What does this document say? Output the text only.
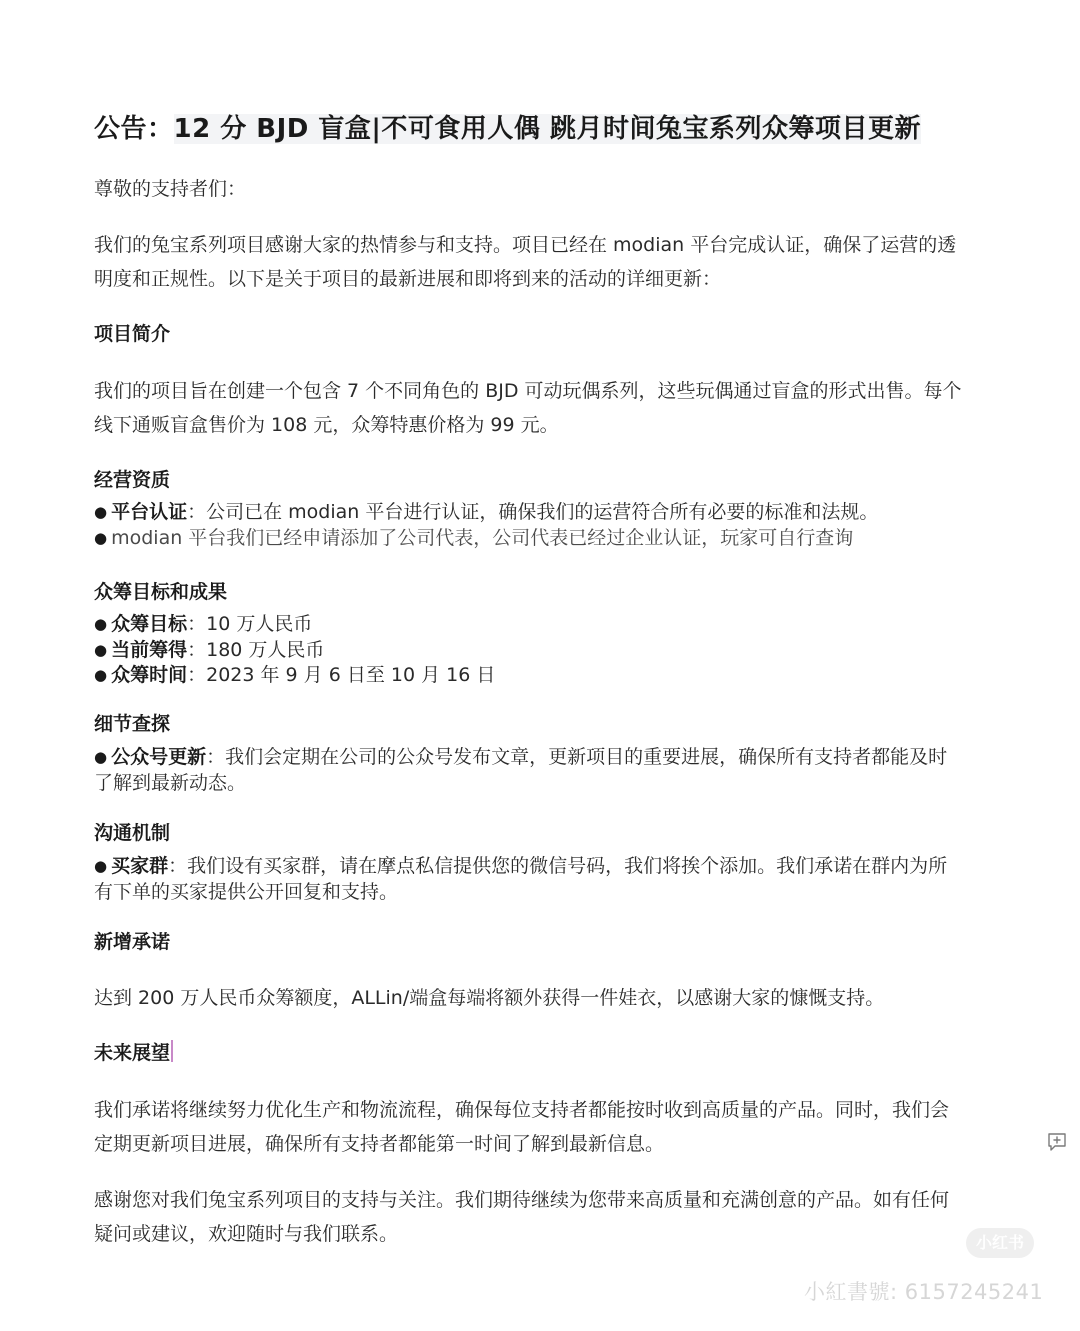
公告：12 分 BJD 盲盒|不可食用人偶 跳月时间兔宝系列众筹项目更新
尊敬的支持者们：
我们的兔宝系列项目感谢大家的热情参与和支持。项目已经在 modian 平台完成认证，确保了运营的透明度和正规性。以下是关于项目的最新进展和即将到来的活动的详细更新：
项目简介
我们的项目旨在创建一个包含 7 个不同角色的 BJD 可动玩偶系列，这些玩偶通过盲盒的形式出售。每个线下通贩盲盒售价为 108 元，众筹特惠价格为 99 元。
经营资质
● 平台认证：公司已在 modian 平台进行认证，确保我们的运营符合所有必要的标准和法规。
● modian 平台我们已经申请添加了公司代表，公司代表已经过企业认证，玩家可自行查询
众筹目标和成果
● 众筹目标：10 万人民币
● 当前筹得：180 万人民币
● 众筹时间：2023 年 9 月 6 日至 10 月 16 日
细节查探
● 公众号更新：我们会定期在公司的公众号发布文章，更新项目的重要进展，确保所有支持者都能及时了解到最新动态。
沟通机制
● 买家群：我们设有买家群，请在摩点私信提供您的微信号码，我们将挨个添加。我们承诺在群内为所有下单的买家提供公开回复和支持。
新增承诺
达到 200 万人民币众筹额度，ALLin/端盒每端将额外获得一件娃衣，以感谢大家的慷慨支持。
未来展望
我们承诺将继续努力优化生产和物流流程，确保每位支持者都能按时收到高质量的产品。同时，我们会定期更新项目进展，确保所有支持者都能第一时间了解到最新信息。
感谢您对我们兔宝系列项目的支持与关注。我们期待继续为您带来高质量和充满创意的产品。如有任何疑问或建议，欢迎随时与我们联系。	小红书
小紅書號: 6157245241
